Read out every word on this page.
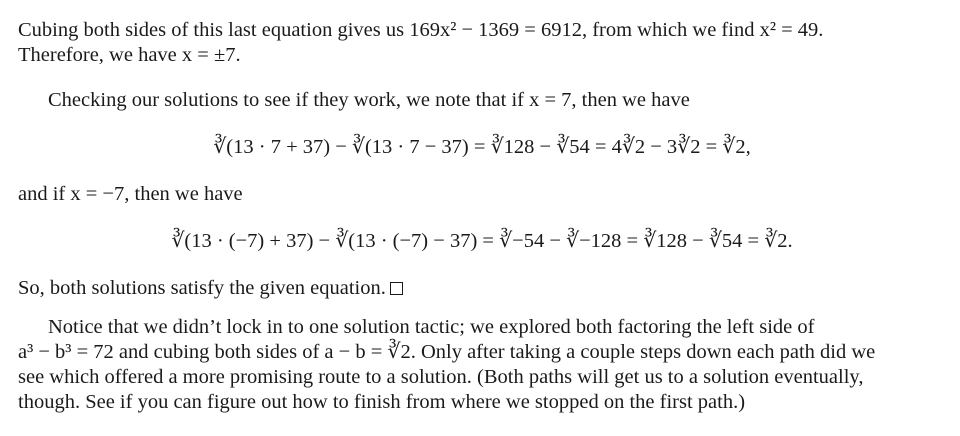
Cubing both sides of this last equation gives us 169x² − 1369 = 6912, from which we find x² = 49.
Therefore, we have x = ±7.
Checking our solutions to see if they work, we note that if x = 7, then we have
∛(13 · 7 + 37) − ∛(13 · 7 − 37) = ∛128 − ∛54 = 4∛2 − 3∛2 = ∛2,
and if x = −7, then we have
∛(13 · (−7) + 37) − ∛(13 · (−7) − 37) = ∛−54 − ∛−128 = ∛128 − ∛54 = ∛2.
So, both solutions satisfy the given equation.
Notice that we didn’t lock in to one solution tactic; we explored both factoring the left side of
a³ − b³ = 72 and cubing both sides of a − b = ∛2. Only after taking a couple steps down each path did we
see which offered a more promising route to a solution. (Both paths will get us to a solution eventually,
though. See if you can figure out how to finish from where we stopped on the first path.)
